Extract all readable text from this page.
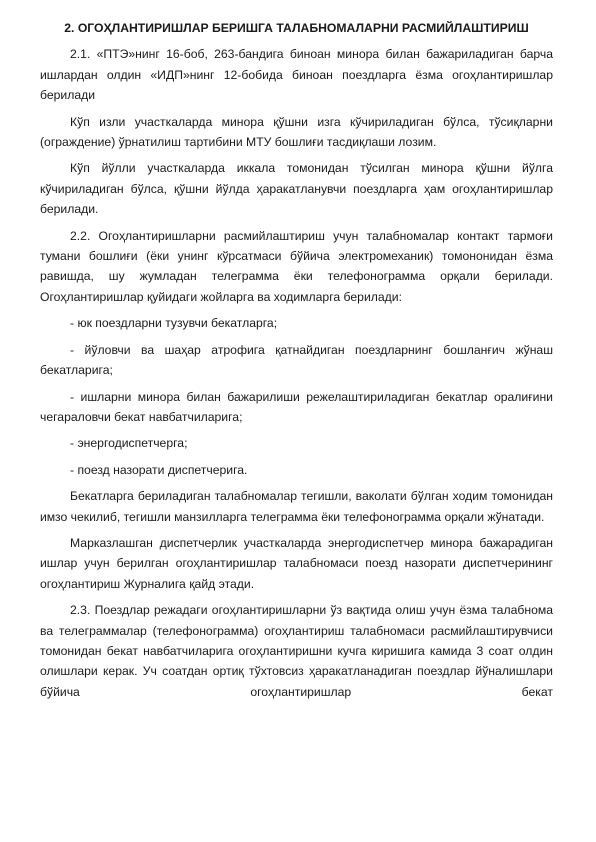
2. ОГОҲЛАНТИРИШЛАР БЕРИШГА ТАЛАБНОМАЛАРНИ РАСМИЙЛАШТИРИШ

2.1. «ПТЭ»нинг 16-боб, 263-бандига биноан минора билан бажариладиган барча ишлардан олдин «ИДП»нинг 12-бобида биноан поездларга ёзма огоҳлантиришлар берилади

Кўп изли участкаларда минора қўшни изга кўчириладиган бўлса, тўсиқларни (ограждение) ўрнатилиш тартибини МТУ бошлиғи тасдиқлаши лозим.

Кўп йўлли участкаларда иккала томонидан тўсилган минора қўшни йўлга кўчириладиган бўлса, қўшни йўлда ҳаракатланувчи поездларга ҳам огоҳлантиришлар берилади.

2.2. Огоҳлантиришларни расмийлаштириш учун талабномалар контакт тармоғи тумани бошлиғи (ёки унинг кўрсатмаси бўйича электромеханик) томононидан ёзма равишда, шу жумладан телеграмма ёки телефонограмма орқали берилади. Огоҳлантиришлар қуйидаги жойларга ва ходимларга берилади:

- юк поездларни тузувчи бекатларга;

- йўловчи ва шаҳар атрофига қатнайдиган поездларнинг бошланғич жўнаш бекатларига;

- ишларни минора билан бажарилиши режелаштириладиган бекатлар оралиғини чегараловчи бекат навбатчиларига;

- энергодиспетчерга;

- поезд назорати диспетчерига.

Бекатларга бериладиган талабномалар тегишли, ваколати бўлган ходим томонидан имзо чекилиб, тегишли манзилларга телеграмма ёки телефонограмма орқали жўнатади.

Марказлашган диспетчерлик участкаларда энергодиспетчер минора бажарадиган ишлар учун берилган огоҳлантиришлар талабномаси поезд назорати диспетчерининг огоҳлантириш Журналига қайд этади.

2.3. Поездлар режадаги огоҳлантиришларни ўз вақтида олиш учун ёзма талабнома ва телеграммалар (телефонограмма) огоҳлантириш талабномаси расмийлаштирувчиси томонидан бекат навбатчиларига огоҳлантиришни кучга киришига камида 3 соат олдин олишлари керак. Уч соатдан ортиқ тўхтовсиз ҳаракатланадиган поездлар йўналишлари бўйича огоҳлантиришлар бекат
